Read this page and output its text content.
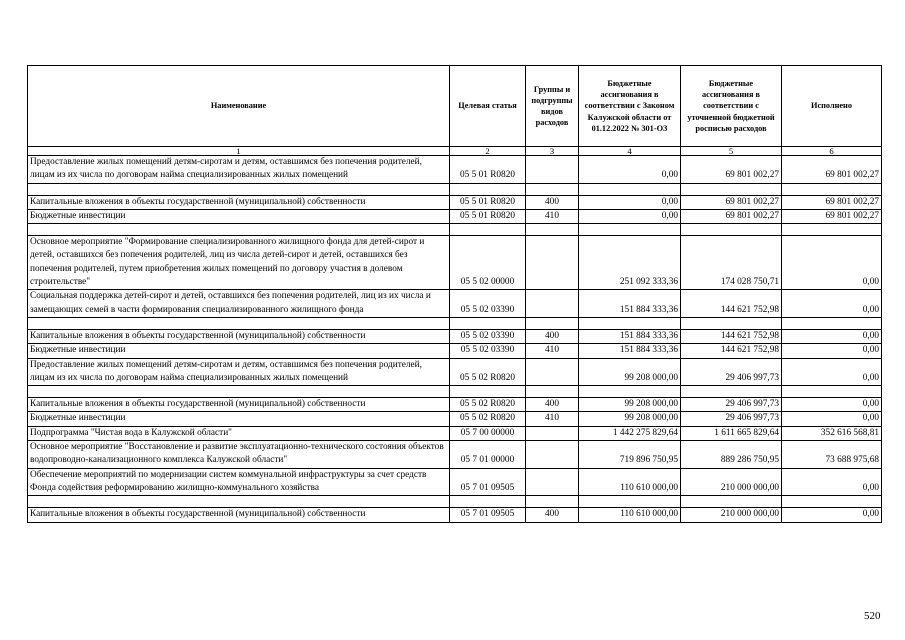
Наименование	Целевая статья	Группы и подгруппы видов расходов	Бюджетные ассигнования в соответствии с Законом Калужской области от 01.12.2022 № 301-ОЗ	Бюджетные ассигнования в соответствии с уточненной бюджетной росписью расходов	Исполнено
1	2	3	4	5	6
Предоставление жилых помещений детям-сиротам и детям, оставшимся без попечения родителей, лицам из их числа по договорам найма специализированных жилых помещений	05 5 01 R0820		0,00	69 801 002,27	69 801 002,27

Капитальные вложения в объекты государственной (муниципальной) собственности	05 5 01 R0820	400	0,00	69 801 002,27	69 801 002,27
Бюджетные инвестиции	05 5 01 R0820	410	0,00	69 801 002,27	69 801 002,27

Основное мероприятие "Формирование специализированного жилищного фонда для детей-сирот и детей, оставшихся без попечения родителей, лиц из числа детей-сирот и детей, оставшихся без попечения родителей, путем приобретения жилых помещений по договору участия в долевом строительстве"	05 5 02 00000		251 092 333,36	174 028 750,71	0,00
Социальная поддержка детей-сирот и детей, оставшихся без попечения родителей, лиц из их числа и замещающих семей в части формирования специализированного жилищного фонда	05 5 02 03390		151 884 333,36	144 621 752,98	0,00

Капитальные вложения в объекты государственной (муниципальной) собственности	05 5 02 03390	400	151 884 333,36	144 621 752,98	0,00
Бюджетные инвестиции	05 5 02 03390	410	151 884 333,36	144 621 752,98	0,00
Предоставление жилых помещений детям-сиротам и детям, оставшимся без попечения родителей, лицам из их числа по договорам найма специализированных жилых помещений	05 5 02 R0820		99 208 000,00	29 406 997,73	0,00

Капитальные вложения в объекты государственной (муниципальной) собственности	05 5 02 R0820	400	99 208 000,00	29 406 997,73	0,00
Бюджетные инвестиции	05 5 02 R0820	410	99 208 000,00	29 406 997,73	0,00
Подпрограмма "Чистая вода в Калужской области"	05 7 00 00000		1 442 275 829,64	1 611 665 829,64	352 616 568,81
Основное мероприятие "Восстановление и развитие эксплуатационно-технического состояния объектов водопроводно-канализационного комплекса Калужской области"	05 7 01 00000		719 896 750,95	889 286 750,95	73 688 975,68
Обеспечение мероприятий по модернизации систем коммунальной инфраструктуры за счет средств Фонда содействия реформированию жилищно-коммунального хозяйства	05 7 01 09505		110 610 000,00	210 000 000,00	0,00

Капитальные вложения в объекты государственной (муниципальной) собственности	05 7 01 09505	400	110 610 000,00	210 000 000,00	0,00
520
